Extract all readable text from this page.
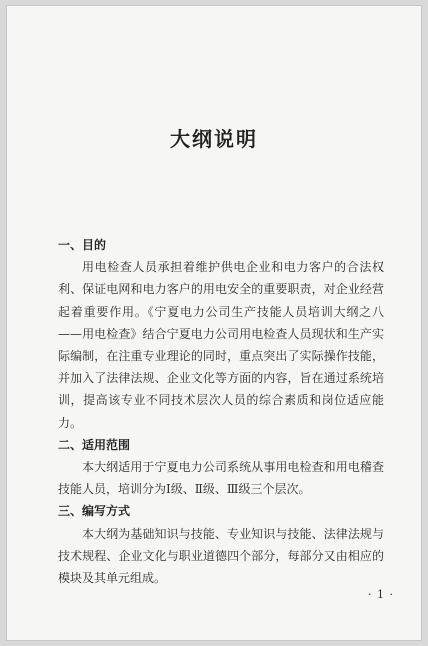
大纲说明

一、目的

用电检查人员承担着维护供电企业和电力客户的合法权利、保证电网和电力客户的用电安全的重要职责，对企业经营起着重要作用。《宁夏电力公司生产技能人员培训大纲之八——用电检查》结合宁夏电力公司用电检查人员现状和生产实际编制，在注重专业理论的同时，重点突出了实际操作技能，并加入了法律法规、企业文化等方面的内容，旨在通过系统培训，提高该专业不同技术层次人员的综合素质和岗位适应能力。

二、适用范围

本大纲适用于宁夏电力公司系统从事用电检查和用电稽查技能人员，培训分为Ⅰ级、Ⅱ级、Ⅲ级三个层次。

三、编写方式

本大纲为基础知识与技能、专业知识与技能、法律法规与技术规程、企业文化与职业道德四个部分，每部分又由相应的模块及其单元组成。

· 1 ·
